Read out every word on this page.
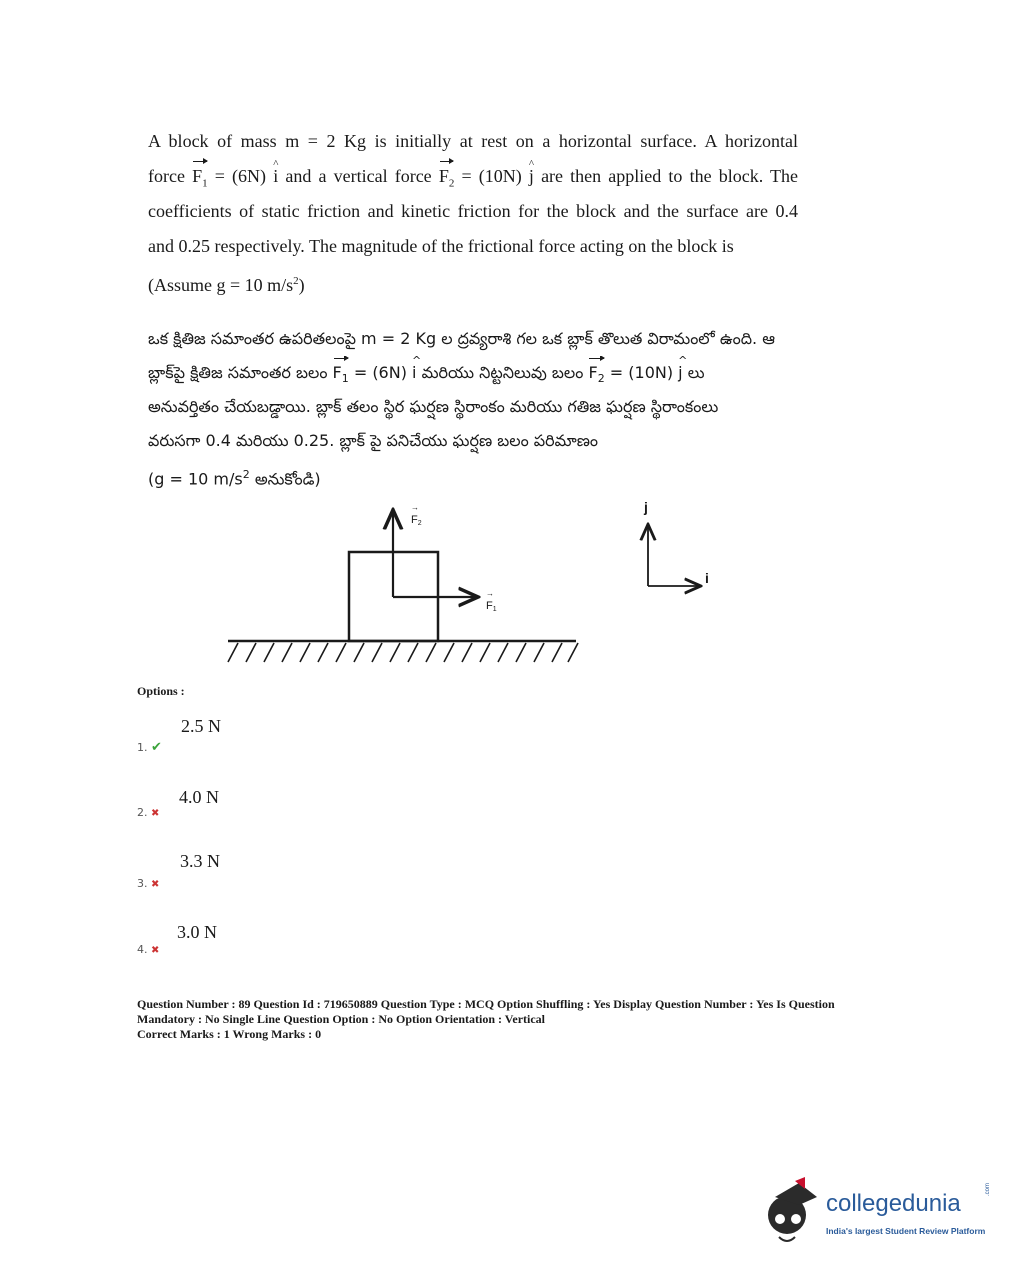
A block of mass m = 2 Kg is initially at rest on a horizontal surface. A horizontal
force $F_1 = (6N)$ ^ i and a vertical force $F_2 = (10N)$ ^ j are then applied to the block. The
coefficients of static friction and kinetic friction for the block and the surface are 0.4
and 0.25 respectively. The magnitude of the frictional force acting on the block is
(Assume g = 10 $m/s^2$)
ఒక క్షితిజ సమాంతర ఉపరితలంపై m = 2 Kg ల ద్రవ్యరాశి గల ఒక బ్లాక్ తొలుత విరామంలో ఉంది. ఆ
బ్లాక్‌పై క్షితిజ సమాంతర బలం $F_1 = (6N)$ ^ i మరియు నిట్టనిలువు బలం $F_2 = (10N)$ ^ j లు
అనువర్తితం చేయబడ్డాయి. బ్లాక్ తలం స్థిర ఘర్షణ స్థిరాంకం మరియు గతిజ ఘర్షణ స్థిరాంకంలు
వరుసగా 0.4 మరియు 0.25. బ్లాక్ పై పనిచేయు ఘర్షణ బలం పరిమాణం
(g = 10 $m/s^2$ అనుకోండి)
F2
→
F1
→
j
i
Options :
2.5 N
1. ✔
4.0 N
2. ✖
3.3 N
3. ✖
3.0 N
4. ✖
Question Number : 89 Question Id : 719650889 Question Type : MCQ Option Shuffling : Yes Display Question Number : Yes Is Question
Mandatory : No Single Line Question Option : No Option Orientation : Vertical
Correct Marks : 1 Wrong Marks : 0
collegedunia
India's largest Student Review Platform
.com
